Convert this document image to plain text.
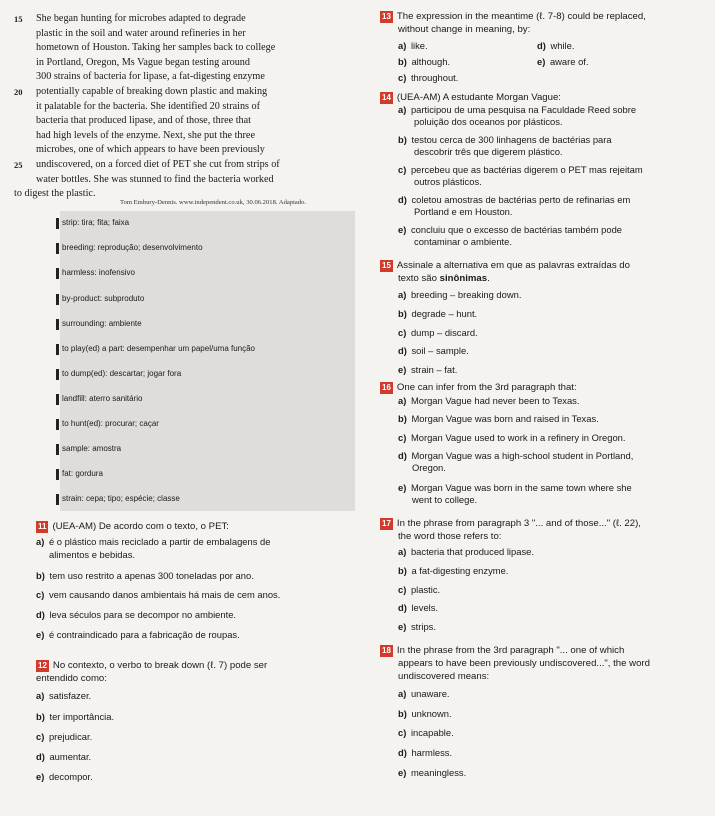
15 She began hunting for microbes adapted to degrade
plastic in the soil and water around refineries in her
hometown of Houston. Taking her samples back to college
in Portland, Oregon, Ms Vague began testing around
300 strains of bacteria for lipase, a fat-digesting enzyme
20 potentially capable of breaking down plastic and making
it palatable for the bacteria. She identified 20 strains of
bacteria that produced lipase, and of those, three that
had high levels of the enzyme. Next, she put the three
microbes, one of which appears to have been previously
25 undiscovered, on a forced diet of PET she cut from strips of
water bottles. She was stunned to find the bacteria worked
to digest the plastic.
Tom Embury-Dennis. www.independent.co.uk, 30.06.2018. Adaptado.
strip: tira; fita; faixa
breeding: reprodução; desenvolvimento
harmless: inofensivo
by-product: subproduto
surrounding: ambiente
to play(ed) a part: desempenhar um papel/uma função
to dump(ed): descartar; jogar fora
landfill: aterro sanitário
to hunt(ed): procurar; caçar
sample: amostra
fat: gordura
strain: cepa; tipo; espécie; classe
11 (UEA-AM) De acordo com o texto, o PET:
a) é o plástico mais reciclado a partir de embalagens de
alimentos e bebidas.
b) tem uso restrito a apenas 300 toneladas por ano.
c) vem causando danos ambientais há mais de cem anos.
d) leva séculos para se decompor no ambiente.
e) é contraindicado para a fabricação de roupas.
12 No contexto, o verbo to break down (ℓ. 7) pode ser
entendido como:
a) satisfazer.
b) ter importância.
c) prejudicar.
d) aumentar.
e) decompor.
13 The expression in the meantime (ℓ. 7-8) could be replaced,
without change in meaning, by:
a) like.
b) although.
c) throughout.
d) while.
e) aware of.
14 (UEA-AM) A estudante Morgan Vague:
a) participou de uma pesquisa na Faculdade Reed sobre
poluição dos oceanos por plásticos.
b) testou cerca de 300 linhagens de bactérias para
descobrir três que digerem plástico.
c) percebeu que as bactérias digerem o PET mas rejeitam
outros plásticos.
d) coletou amostras de bactérias perto de refinarias em
Portland e em Houston.
e) concluiu que o excesso de bactérias também pode
contaminar o ambiente.
15 Assinale a alternativa em que as palavras extraídas do
texto são sinônimas.
a) breeding – breaking down.
b) degrade – hunt.
c) dump – discard.
d) soil – sample.
e) strain – fat.
16 One can infer from the 3rd paragraph that:
a) Morgan Vague had never been to Texas.
b) Morgan Vague was born and raised in Texas.
c) Morgan Vague used to work in a refinery in Oregon.
d) Morgan Vague was a high-school student in Portland,
Oregon.
e) Morgan Vague was born in the same town where she
went to college.
17 In the phrase from paragraph 3 "... and of those..." (ℓ. 22),
the word those refers to:
a) bacteria that produced lipase.
b) a fat-digesting enzyme.
c) plastic.
d) levels.
e) strips.
18 In the phrase from the 3rd paragraph "... one of which
appears to have been previously undiscovered...", the word
undiscovered means:
a) unaware.
b) unknown.
c) incapable.
d) harmless.
e) meaningless.
